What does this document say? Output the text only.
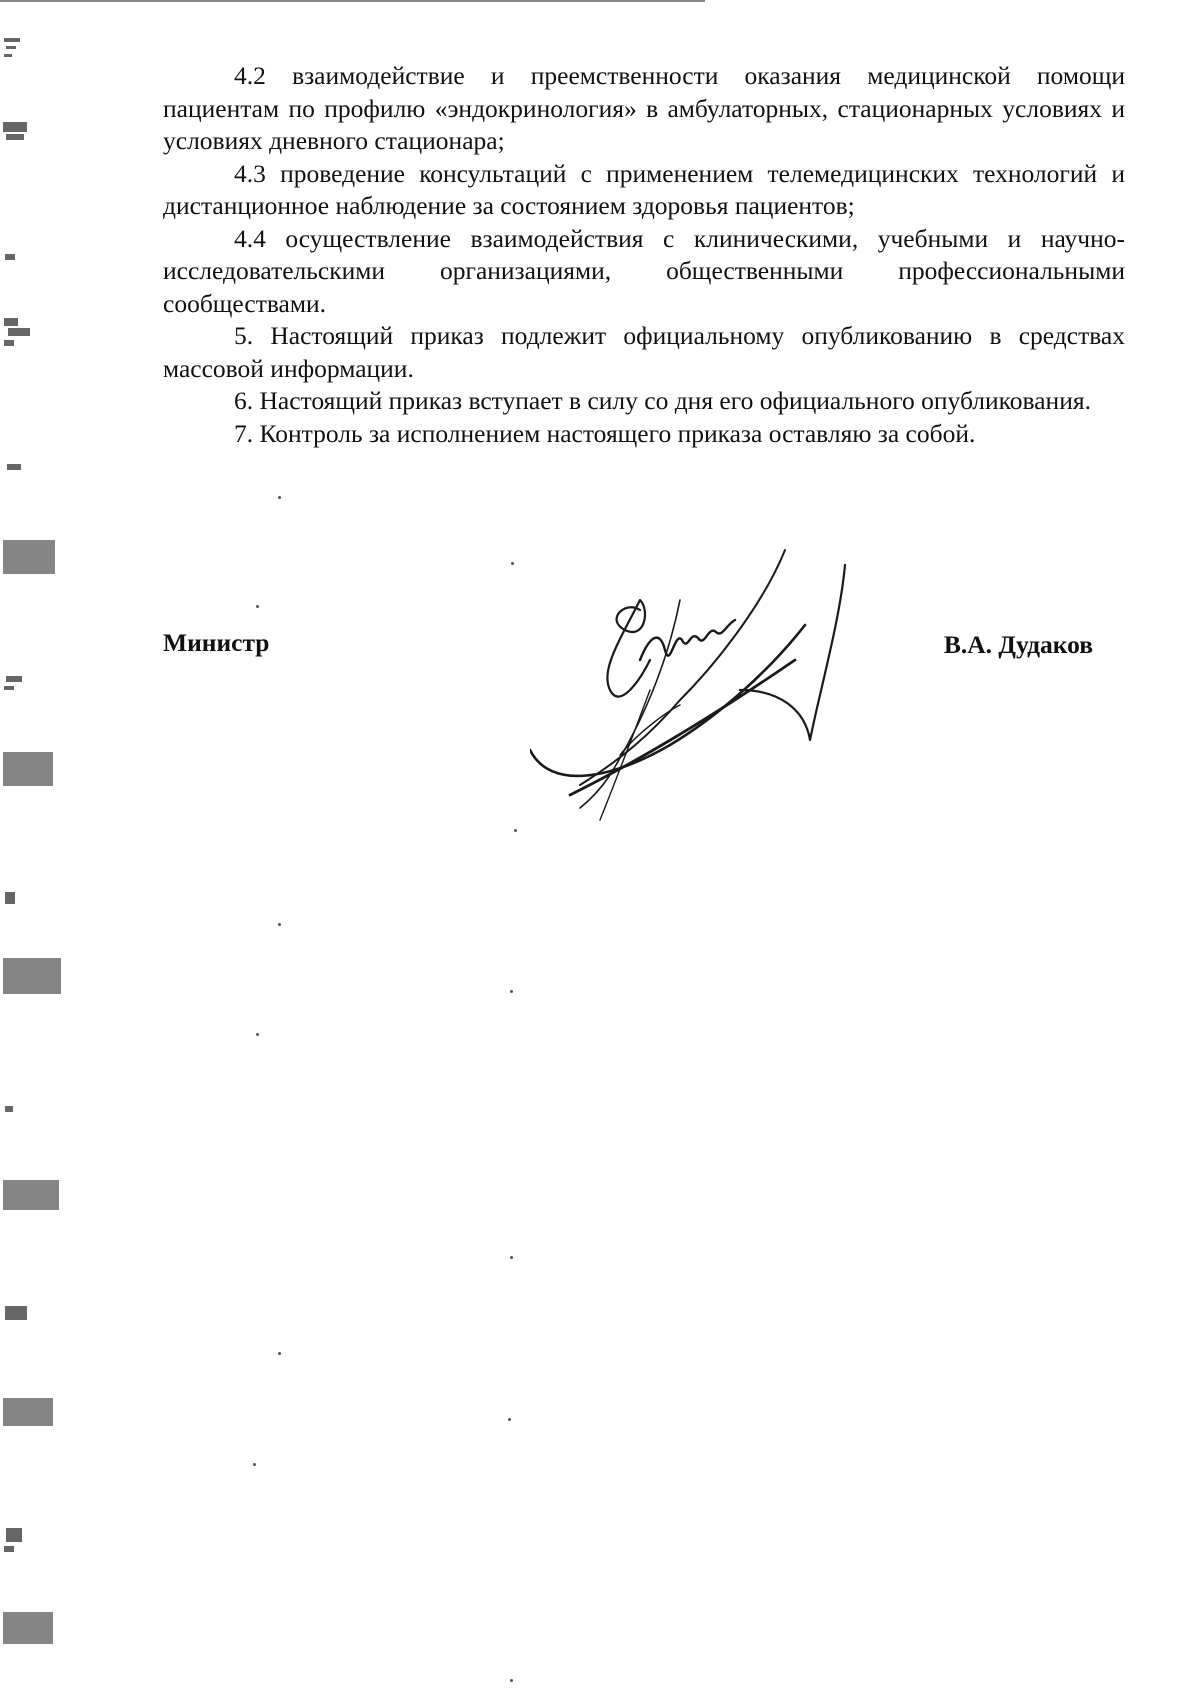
4.2 взаимодействие и преемственности оказания медицинской помощи пациентам по профилю «эндокринология» в амбулаторных, стационарных условиях и условиях дневного стационара;

4.3 проведение консультаций с применением телемедицинских технологий и дистанционное наблюдение за состоянием здоровья пациентов;

4.4 осуществление взаимодействия с клиническими, учебными и научно-исследовательскими организациями, общественными профессиональными сообществами.

5. Настоящий приказ подлежит официальному опубликованию в средствах массовой информации.

6. Настоящий приказ вступает в силу со дня его официального опубликования.

7. Контроль за исполнением настоящего приказа оставляю за собой.

Министр	В.А. Дудаков
